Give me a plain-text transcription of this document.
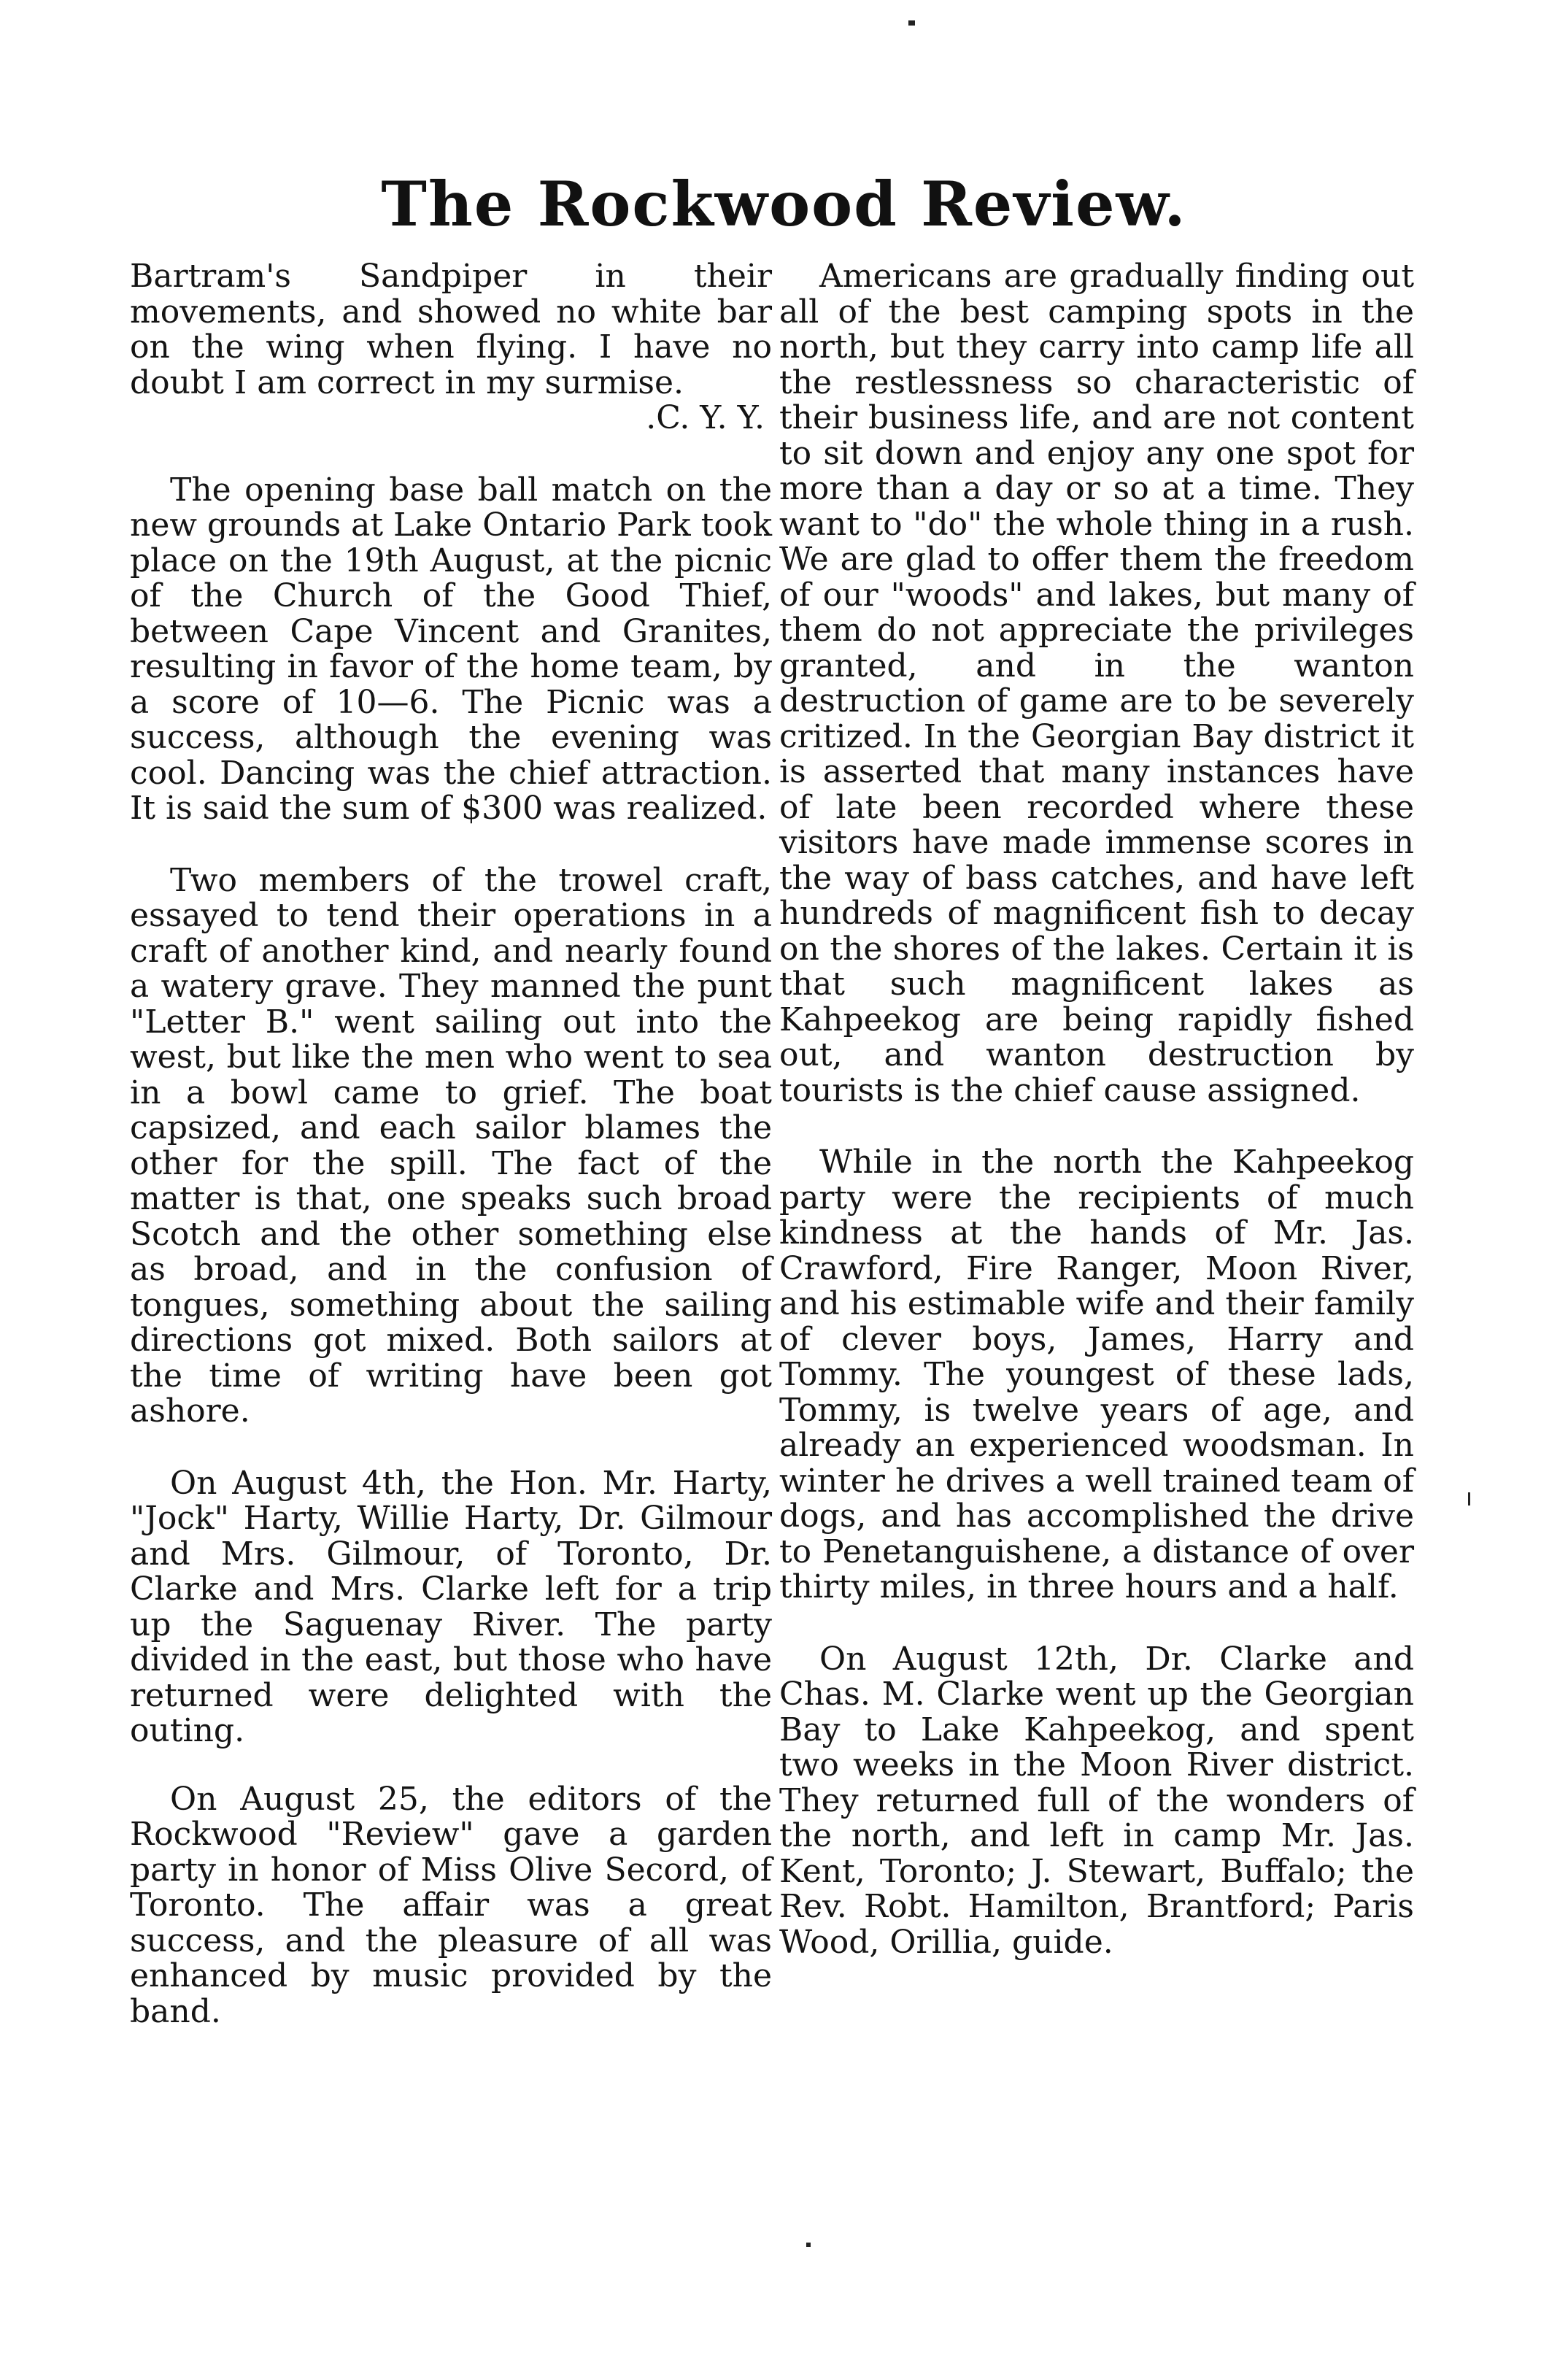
The Rockwood Review.

Bartram's Sandpiper in their movements, and showed no white bar on the wing when flying. I have no doubt I am correct in my surmise.

.C. Y. Y.

The opening base ball match on the new grounds at Lake Ontario Park took place on the 19th August, at the picnic of the Church of the Good Thief, between Cape Vincent and Granites, resulting in favor of the home team, by a score of 10—6. The Picnic was a success, although the evening was cool. Dancing was the chief attraction. It is said the sum of $300 was realized.

Two members of the trowel craft, essayed to tend their operations in a craft of another kind, and nearly found a watery grave. They manned the punt "Letter B." went sailing out into the west, but like the men who went to sea in a bowl came to grief. The boat capsized, and each sailor blames the other for the spill. The fact of the matter is that, one speaks such broad Scotch and the other something else as broad, and in the confusion of tongues, something about the sailing directions got mixed. Both sailors at the time of writing have been got ashore.

On August 4th, the Hon. Mr. Harty, "Jock" Harty, Willie Harty, Dr. Gilmour and Mrs. Gilmour, of Toronto, Dr. Clarke and Mrs. Clarke left for a trip up the Saguenay River. The party divided in the east, but those who have returned were delighted with the outing.

On August 25, the editors of the Rockwood "Review" gave a garden party in honor of Miss Olive Secord, of Toronto. The affair was a great success, and the pleasure of all was enhanced by music provided by the band.

Americans are gradually finding out all of the best camping spots in the north, but they carry into camp life all the restlessness so characteristic of their business life, and are not content to sit down and enjoy any one spot for more than a day or so at a time. They want to "do" the whole thing in a rush. We are glad to offer them the freedom of our "woods" and lakes, but many of them do not appreciate the privileges granted, and in the wanton destruction of game are to be severely critized. In the Georgian Bay district it is asserted that many instances have of late been recorded where these visitors have made immense scores in the way of bass catches, and have left hundreds of magnificent fish to decay on the shores of the lakes. Certain it is that such magnificent lakes as Kahpeekog are being rapidly fished out, and wanton destruction by tourists is the chief cause assigned.

While in the north the Kahpeekog party were the recipients of much kindness at the hands of Mr. Jas. Crawford, Fire Ranger, Moon River, and his estimable wife and their family of clever boys, James, Harry and Tommy. The youngest of these lads, Tommy, is twelve years of age, and already an experienced woodsman. In winter he drives a well trained team of dogs, and has accomplished the drive to Penetanguishene, a distance of over thirty miles, in three hours and a half.

On August 12th, Dr. Clarke and Chas. M. Clarke went up the Georgian Bay to Lake Kahpeekog, and spent two weeks in the Moon River district. They returned full of the wonders of the north, and left in camp Mr. Jas. Kent, Toronto; J. Stewart, Buffalo; the Rev. Robt. Hamilton, Brantford; Paris Wood, Orillia, guide.
